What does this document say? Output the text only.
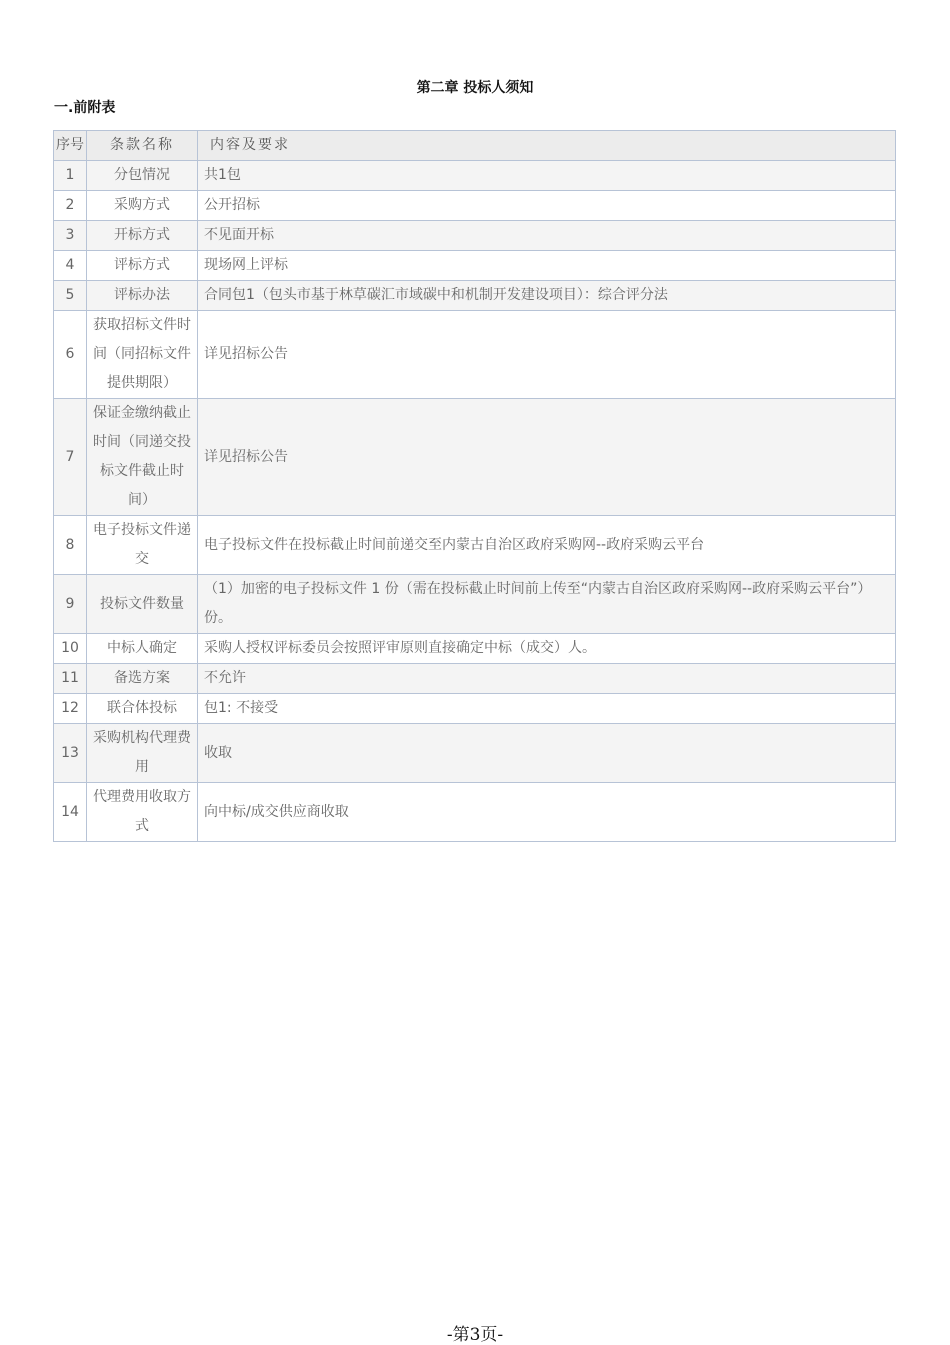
第二章 投标人须知
一.前附表
序号	条款名称	内容及要求
1	分包情况	共1包
2	采购方式	公开招标
3	开标方式	不见面开标
4	评标方式	现场网上评标
5	评标办法	合同包1（包头市基于林草碳汇市域碳中和机制开发建设项目）：综合评分法
6	获取招标文件时间（同招标文件提供期限）	详见招标公告
7	保证金缴纳截止时间（同递交投标文件截止时间）	详见招标公告
8	电子投标文件递交	电子投标文件在投标截止时间前递交至内蒙古自治区政府采购网--政府采购云平台
9	投标文件数量	（1）加密的电子投标文件 1 份（需在投标截止时间前上传至“内蒙古自治区政府采购网--政府采购云平台”） 份。
10	中标人确定	采购人授权评标委员会按照评审原则直接确定中标（成交）人。
11	备选方案	不允许
12	联合体投标	包1: 不接受
13	采购机构代理费用	收取
14	代理费用收取方式	向中标/成交供应商收取
-第3页-
